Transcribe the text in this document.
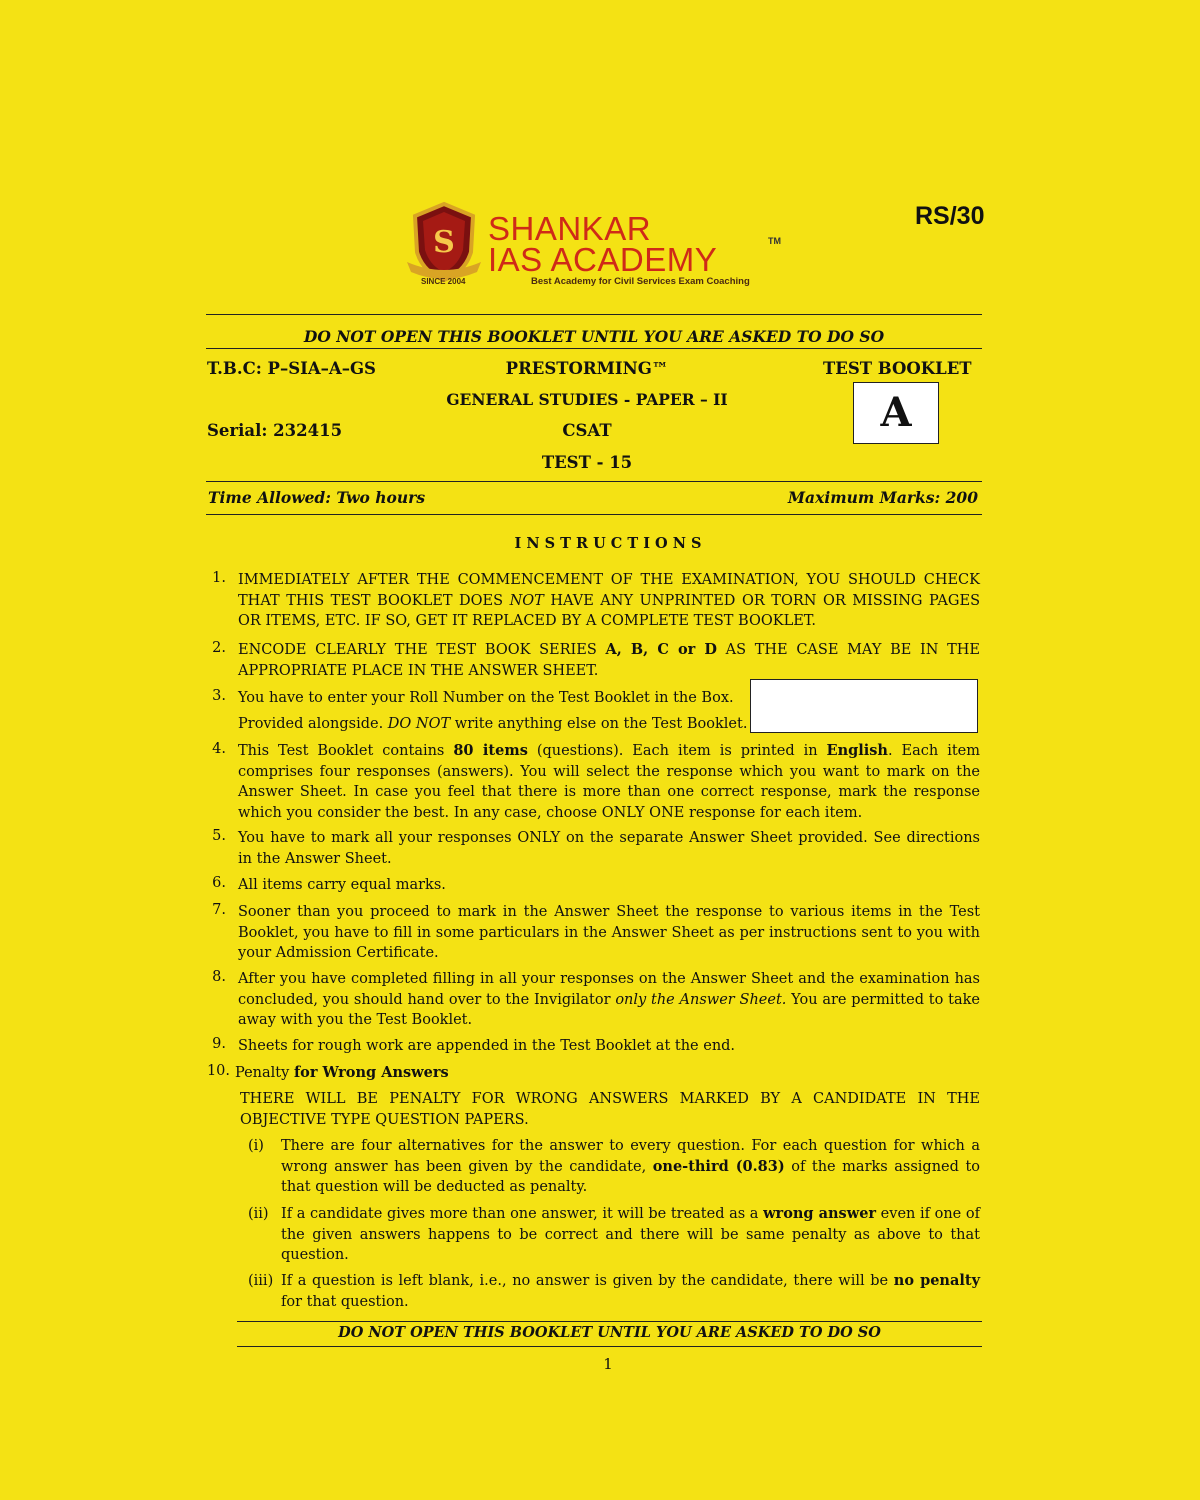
RS/30
S SHANKAR
IAS ACADEMY	TM
SINCE 2004	Best Academy for Civil Services Exam Coaching
DO NOT OPEN THIS BOOKLET UNTIL YOU ARE ASKED TO DO SO
T.B.C: P–SIA–A–GS
Serial: 232415
PRESTORMING™
GENERAL STUDIES - PAPER – II
CSAT
TEST - 15
TEST BOOKLET
A
Time Allowed: Two hours	Maximum Marks: 200
I N S T R U C T I O N S
1. IMMEDIATELY AFTER THE COMMENCEMENT OF THE EXAMINATION, YOU SHOULD CHECK THAT THIS TEST BOOKLET DOES NOT HAVE ANY UNPRINTED OR TORN OR MISSING PAGES OR ITEMS, ETC. IF SO, GET IT REPLACED BY A COMPLETE TEST BOOKLET.
2. ENCODE CLEARLY THE TEST BOOK SERIES A, B, C or D AS THE CASE MAY BE IN THE APPROPRIATE PLACE IN THE ANSWER SHEET.
3. You have to enter your Roll Number on the Test Booklet in the Box.
Provided alongside. DO NOT write anything else on the Test Booklet.
4. This Test Booklet contains 80 items (questions). Each item is printed in English. Each item comprises four responses (answers). You will select the response which you want to mark on the Answer Sheet. In case you feel that there is more than one correct response, mark the response which you consider the best. In any case, choose ONLY ONE response for each item.
5. You have to mark all your responses ONLY on the separate Answer Sheet provided. See directions in the Answer Sheet.
6. All items carry equal marks.
7. Sooner than you proceed to mark in the Answer Sheet the response to various items in the Test Booklet, you have to fill in some particulars in the Answer Sheet as per instructions sent to you with your Admission Certificate.
8. After you have completed filling in all your responses on the Answer Sheet and the examination has concluded, you should hand over to the Invigilator only the Answer Sheet. You are permitted to take away with you the Test Booklet.
9. Sheets for rough work are appended in the Test Booklet at the end.
10. Penalty for Wrong Answers
THERE WILL BE PENALTY FOR WRONG ANSWERS MARKED BY A CANDIDATE IN THE OBJECTIVE TYPE QUESTION PAPERS.
(i) There are four alternatives for the answer to every question. For each question for which a wrong answer has been given by the candidate, one-third (0.83) of the marks assigned to that question will be deducted as penalty.
(ii) If a candidate gives more than one answer, it will be treated as a wrong answer even if one of the given answers happens to be correct and there will be same penalty as above to that question.
(iii) If a question is left blank, i.e., no answer is given by the candidate, there will be no penalty for that question.
DO NOT OPEN THIS BOOKLET UNTIL YOU ARE ASKED TO DO SO
1
